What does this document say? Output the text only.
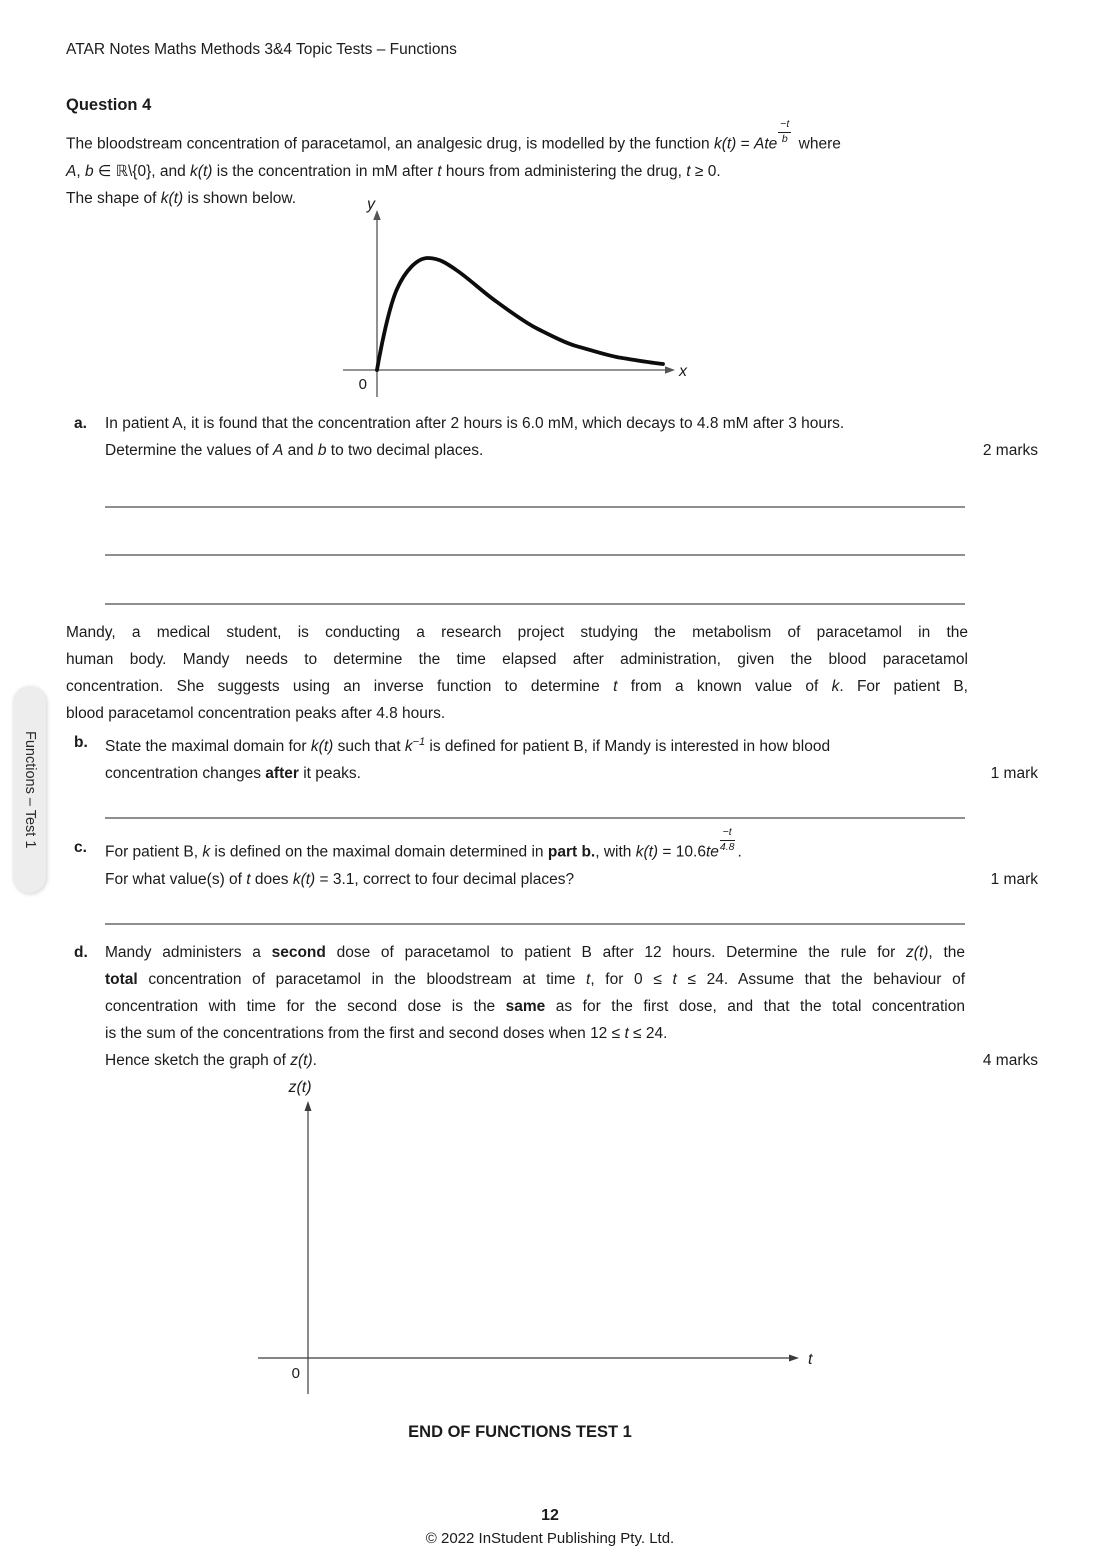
ATAR Notes Maths Methods 3&4 Topic Tests – Functions
Functions – Test 1
Question 4
The bloodstream concentration of paracetamol, an analgesic drug, is modelled by the function k(t) = Ate $\frac{-t}{b}$ where
A, b ∈ ℝ\{0}, and k(t) is the concentration in mM after t hours from administering the drug, t ≥ 0.
The shape of k(t) is shown below.	y
x
0
a. In patient A, it is found that the concentration after 2 hours is 6.0 mM, which decays to 4.8 mM after 3 hours.
Determine the values of A and b to two decimal places.	2 marks
Mandy, a medical student, is conducting a research project studying the metabolism of paracetamol in the
human body. Mandy needs to determine the time elapsed after administration, given the blood paracetamol
concentration. She suggests using an inverse function to determine t from a known value of k. For patient B,
blood paracetamol concentration peaks after 4.8 hours.
b. State the maximal domain for k(t) such that $k^{-1}$ is defined for patient B, if Mandy is interested in how blood
concentration changes after it peaks.	1 mark
c. For patient B, k is defined on the maximal domain determined in part b., with $k(t) = 10.6te \frac{-t}{4.8}$ .
For what value(s) of t does k(t) = 3.1, correct to four decimal places?	1 mark
d. Mandy administers a second dose of paracetamol to patient B after 12 hours. Determine the rule for z(t), the
total concentration of paracetamol in the bloodstream at time t, for 0 ≤ t ≤ 24. Assume that the behaviour of
concentration with time for the second dose is the same as for the first dose, and that the total concentration
is the sum of the concentrations from the first and second doses when 12 ≤ t ≤ 24.
Hence sketch the graph of z(t).	4 marks
z(t)
t
0
END OF FUNCTIONS TEST 1
12
© 2022 InStudent Publishing Pty. Ltd.
